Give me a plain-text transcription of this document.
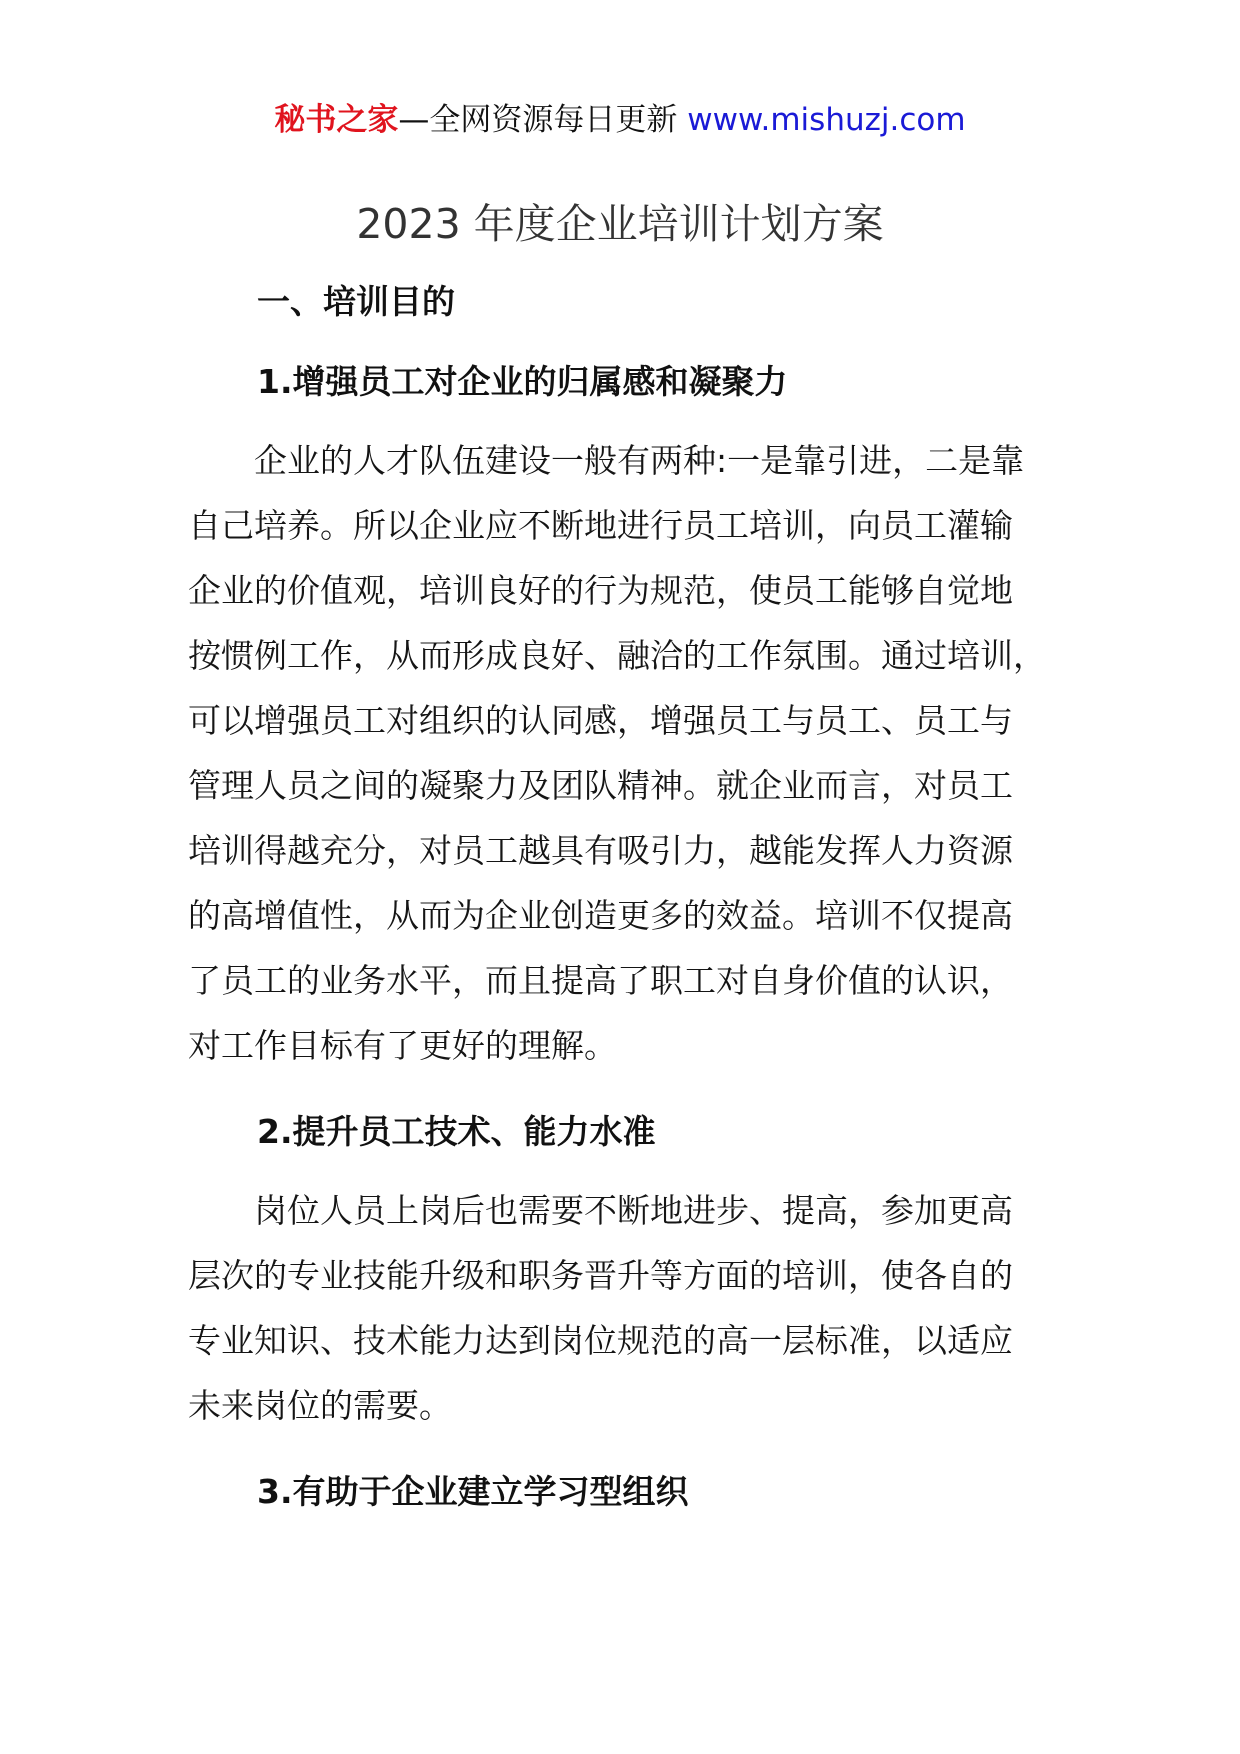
秘书之家—全网资源每日更新 www.mishuzj.com
2023 年度企业培训计划方案
一、培训目的
1.增强员工对企业的归属感和凝聚力
　　企业的人才队伍建设一般有两种:一是靠引进，二是靠
自己培养。所以企业应不断地进行员工培训，向员工灌输
企业的价值观，培训良好的行为规范，使员工能够自觉地
按惯例工作，从而形成良好、融洽的工作氛围。通过培训，
可以增强员工对组织的认同感，增强员工与员工、员工与
管理人员之间的凝聚力及团队精神。就企业而言，对员工
培训得越充分，对员工越具有吸引力，越能发挥人力资源
的高增值性，从而为企业创造更多的效益。培训不仅提高
了员工的业务水平，而且提高了职工对自身价值的认识，
对工作目标有了更好的理解。
2.提升员工技术、能力水准
　　岗位人员上岗后也需要不断地进步、提高，参加更高
层次的专业技能升级和职务晋升等方面的培训，使各自的
专业知识、技术能力达到岗位规范的高一层标准，以适应
未来岗位的需要。
3.有助于企业建立学习型组织
